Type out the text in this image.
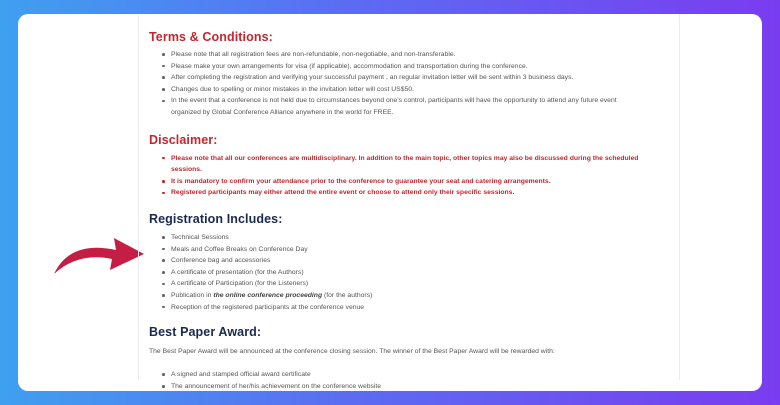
Terms & Conditions:
Please note that all registration fees are non-refundable, non-negotiable, and non-transferable.
Please make your own arrangements for visa (if applicable), accommodation and transportation during the conference.
After completing the registration and verifying your successful payment , an regular invitation letter will be sent within 3 business days.
Changes due to spelling or minor mistakes in the invitation letter will cost US$50.
In the event that a conference is not held due to circumstances beyond one's control, participants will have the opportunity to attend any future event
organized by Global Conference Alliance anywhere in the world for FREE.
Disclaimer:
Please note that all our conferences are multidisciplinary. In addition to the main topic, other topics may also be discussed during the scheduled sessions.
It is mandatory to confirm your attendance prior to the conference to guarantee your seat and catering arrangements.
Registered participants may either attend the entire event or choose to attend only their specific sessions.
Registration Includes:
Technical Sessions
Meals and Coffee Breaks on Conference Day
Conference bag and accessories
A certificate of presentation (for the Authors)
A certificate of Participation (for the Listeners)
Publication in the online conference proceeding (for the authors)
Reception of the registered participants at the conference venue
Best Paper Award:

The Best Paper Award will be announced at the conference closing session. The winner of the Best Paper Award will be rewarded with:

A signed and stamped official award certificate
The announcement of her/his achievement on the conference website
